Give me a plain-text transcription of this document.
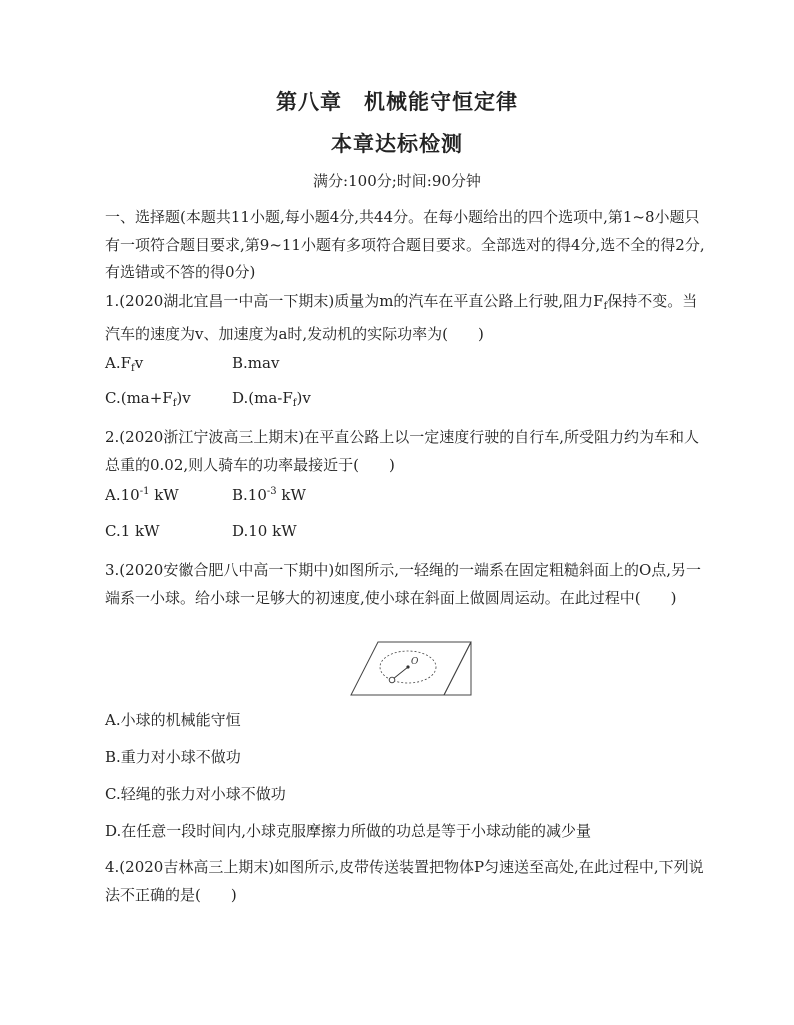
第八章 机械能守恒定律
本章达标检测
满分:100分;时间:90分钟
一、选择题(本题共11小题,每小题4分,共44分。在每小题给出的四个选项中,第1~8小题只有一项符合题目要求,第9~11小题有多项符合题目要求。全部选对的得4分,选不全的得2分,有选错或不答的得0分)
1.(2020湖北宜昌一中高一下期末)质量为m的汽车在平直公路上行驶,阻力$F_f$保持不变。当汽车的速度为v、加速度为a时,发动机的实际功率为(　　)
$A.F_fv$	B.mav
$C.(ma+F_f)v$	$D.(ma-F_f)v$
2.(2020浙江宁波高三上期末)在平直公路上以一定速度行驶的自行车,所受阻力约为车和人总重的0.02,则人骑车的功率最接近于(　　)
$A.10^{-1}$ kW	$B.10^{-3}$ kW
C.1 kW	D.10 kW
3.(2020安徽合肥八中高一下期中)如图所示,一轻绳的一端系在固定粗糙斜面上的O点,另一端系一小球。给小球一足够大的初速度,使小球在斜面上做圆周运动。在此过程中(　　)
O
A.小球的机械能守恒
B.重力对小球不做功
C.轻绳的张力对小球不做功
D.在任意一段时间内,小球克服摩擦力所做的功总是等于小球动能的减少量
4.(2020吉林高三上期末)如图所示,皮带传送装置把物体P匀速送至高处,在此过程中,下列说法不正确的是(　　)
